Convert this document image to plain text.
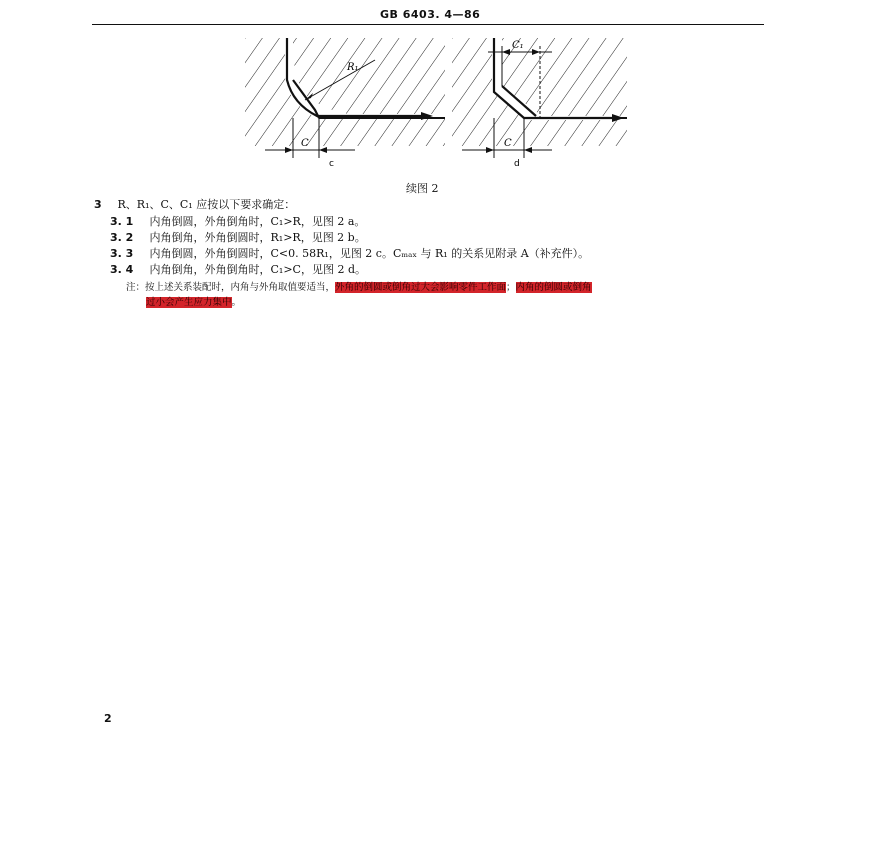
GB 6403. 4—86
R₁
C
c
C₁
C
d
续图 2
3 R、R₁、C、C₁ 应按以下要求确定：
3. 1 内角倒圆，外角倒角时，C₁>R，见图 2 a。
3. 2 内角倒角，外角倒圆时，R₁>R，见图 2 b。
3. 3 内角倒圆，外角倒圆时，C<0. 58R₁，见图 2 c。Cₘₐₓ 与 R₁ 的关系见附录 A（补充件）。
3. 4 内角倒角，外角倒角时，C₁>C，见图 2 d。
注：按上述关系装配时，内角与外角取值要适当，外角的倒圆或倒角过大会影响零件工作面；内角的倒圆或倒角
过小会产生应力集中。
2
